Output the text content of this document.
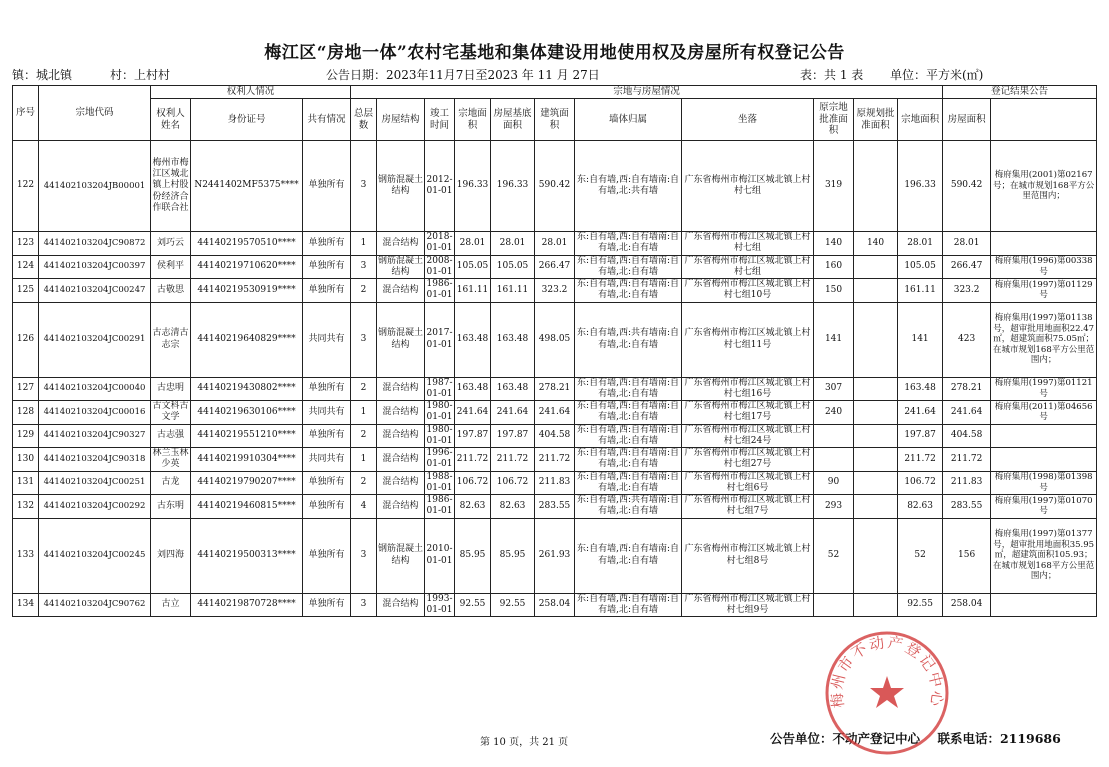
梅江区“房地一体”农村宅基地和集体建设用地使用权及房屋所有权登记公告
镇：城北镇	村：上村村	公告日期：2023年11月7日至2023 年 11 月 27日	表：共 1 表 单位：平方米(㎡)
序号	宗地代码	权利人情况			宗地与房屋情况											登记结果公告	
		权利人姓名	身份证号	共有情况	总层数	房屋结构	竣工时间	宗地面积	房屋基底面积	建筑面积	墙体归属	坐落	原宗地批准面积	原规划批准面积	宗地面积	房屋面积		
122	441402103204JB00001	梅州市梅江区城北镇上村股份经济合作联合社	N2441402MF5375****	单独所有	3	钢筋混凝土结构	2012-01-01	196.33	196.33	590.42	东:自有墙,西:自有墙南:自有墙,北:共有墙	广东省梅州市梅江区城北镇上村村七组	319		196.33	590.42	梅府集用(2001)第02167号；在城市规划168平方公里范围内；	
123	441402103204JC90872	刘巧云	44140219570510****	单独所有	1	混合结构	2018-01-01	28.01	28.01	28.01	东:自有墙,西:自有墙南:自有墙,北:自有墙	广东省梅州市梅江区城北镇上村村七组	140	140	28.01	28.01		
124	441402103204JC00397	侯利平	44140219710620****	单独所有	3	钢筋混凝土结构	2008-01-01	105.05	105.05	266.47	东:自有墙,西:自有墙南:自有墙,北:自有墙	广东省梅州市梅江区城北镇上村村七组	160		105.05	266.47	梅府集用(1996)第00338号	
125	441402103204JC00247	古敬思	44140219530919****	单独所有	2	混合结构	1986-01-01	161.11	161.11	323.2	东:自有墙,西:自有墙南:自有墙,北:自有墙	广东省梅州市梅江区城北镇上村村七组10号	150		161.11	323.2	梅府集用(1997)第01129号	
126	441402103204JC00291	古志清古志宗	44140219640829****	共同共有	3	钢筋混凝土结构	2017-01-01	163.48	163.48	498.05	东:自有墙,西:共有墙南:自有墙,北:自有墙	广东省梅州市梅江区城北镇上村村七组11号	141		141	423	梅府集用(1997)第01138号，超审批用地面积22.47㎡，超建筑面积75.05㎡；在城市规划168平方公里范围内；	
127	441402103204JC00040	古忠明	44140219430802****	单独所有	2	混合结构	1987-01-01	163.48	163.48	278.21	东:自有墙,西:自有墙南:自有墙,北:自有墙	广东省梅州市梅江区城北镇上村村七组16号	307		163.48	278.21	梅府集用(1997)第01121号	
128	441402103204JC00016	古文科古文学	44140219630106****	共同共有	1	混合结构	1980-01-01	241.64	241.64	241.64	东:自有墙,西:自有墙南:自有墙,北:自有墙	广东省梅州市梅江区城北镇上村村七组17号	240		241.64	241.64	梅府集用(2011)第04656号	
129	441402103204JC90327	古志强	44140219551210****	单独所有	2	混合结构	1980-01-01	197.87	197.87	404.58	东:自有墙,西:自有墙南:自有墙,北:自有墙	广东省梅州市梅江区城北镇上村村七组24号			197.87	404.58		
130	441402103204JC90318	林兰玉林少英	44140219910304****	共同共有	1	混合结构	1996-01-01	211.72	211.72	211.72	东:自有墙,西:自有墙南:自有墙,北:自有墙	广东省梅州市梅江区城北镇上村村七组27号			211.72	211.72		
131	441402103204JC00251	古龙	44140219790207****	单独所有	2	混合结构	1988-01-01	106.72	106.72	211.83	东:自有墙,西:自有墙南:自有墙,北:自有墙	广东省梅州市梅江区城北镇上村村七组6号	90		106.72	211.83	梅府集用(1998)第01398号	
132	441402103204JC00292	古东明	44140219460815****	单独所有	4	混合结构	1986-01-01	82.63	82.63	283.55	东:自有墙,西:共有墙南:自有墙,北:自有墙	广东省梅州市梅江区城北镇上村村七组7号	293		82.63	283.55	梅府集用(1997)第01070号	
133	441402103204JC00245	刘四海	44140219500313****	单独所有	3	钢筋混凝土结构	2010-01-01	85.95	85.95	261.93	东:自有墙,西:自有墙南:自有墙,北:自有墙	广东省梅州市梅江区城北镇上村村七组8号	52		52	156	梅府集用(1997)第01377号，超审批用地面积35.95㎡，超建筑面积105.93；在城市规划168平方公里范围内；	
134	441402103204JC90762	古立	44140219870728****	单独所有	3	混合结构	1993-01-01	92.55	92.55	258.04	东:自有墙,西:自有墙南:自有墙,北:自有墙	广东省梅州市梅江区城北镇上村村七组9号			92.55	258.04		
第 10 页，共 21 页	公告单位：不动产登记中心 联系电话：2119686
梅州市不动产登记中心
